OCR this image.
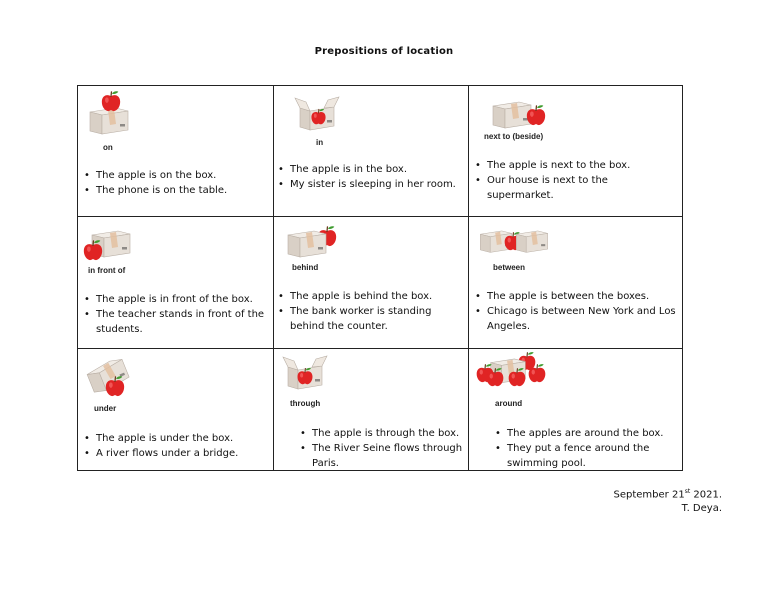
Prepositions of location
on
• The apple is on the box.
• The phone is on the table.
in
• The apple is in the box.
• My sister is sleeping in her room.
next to (beside)
• The apple is next to the box.
• Our house is next to the supermarket.
in front of
• The apple is in front of the box.
• The teacher stands in front of the students.
behind
• The apple is behind the box.
• The bank worker is standing behind the counter.
between
• The apple is between the boxes.
• Chicago is between New York and Los Angeles.
under
• The apple is under the box.
• A river flows under a bridge.
through
• The apple is through the box.
• The River Seine flows through Paris.
around
• The apples are around the box.
• They put a fence around the swimming pool.
September 21st 2021.
T. Deya.
